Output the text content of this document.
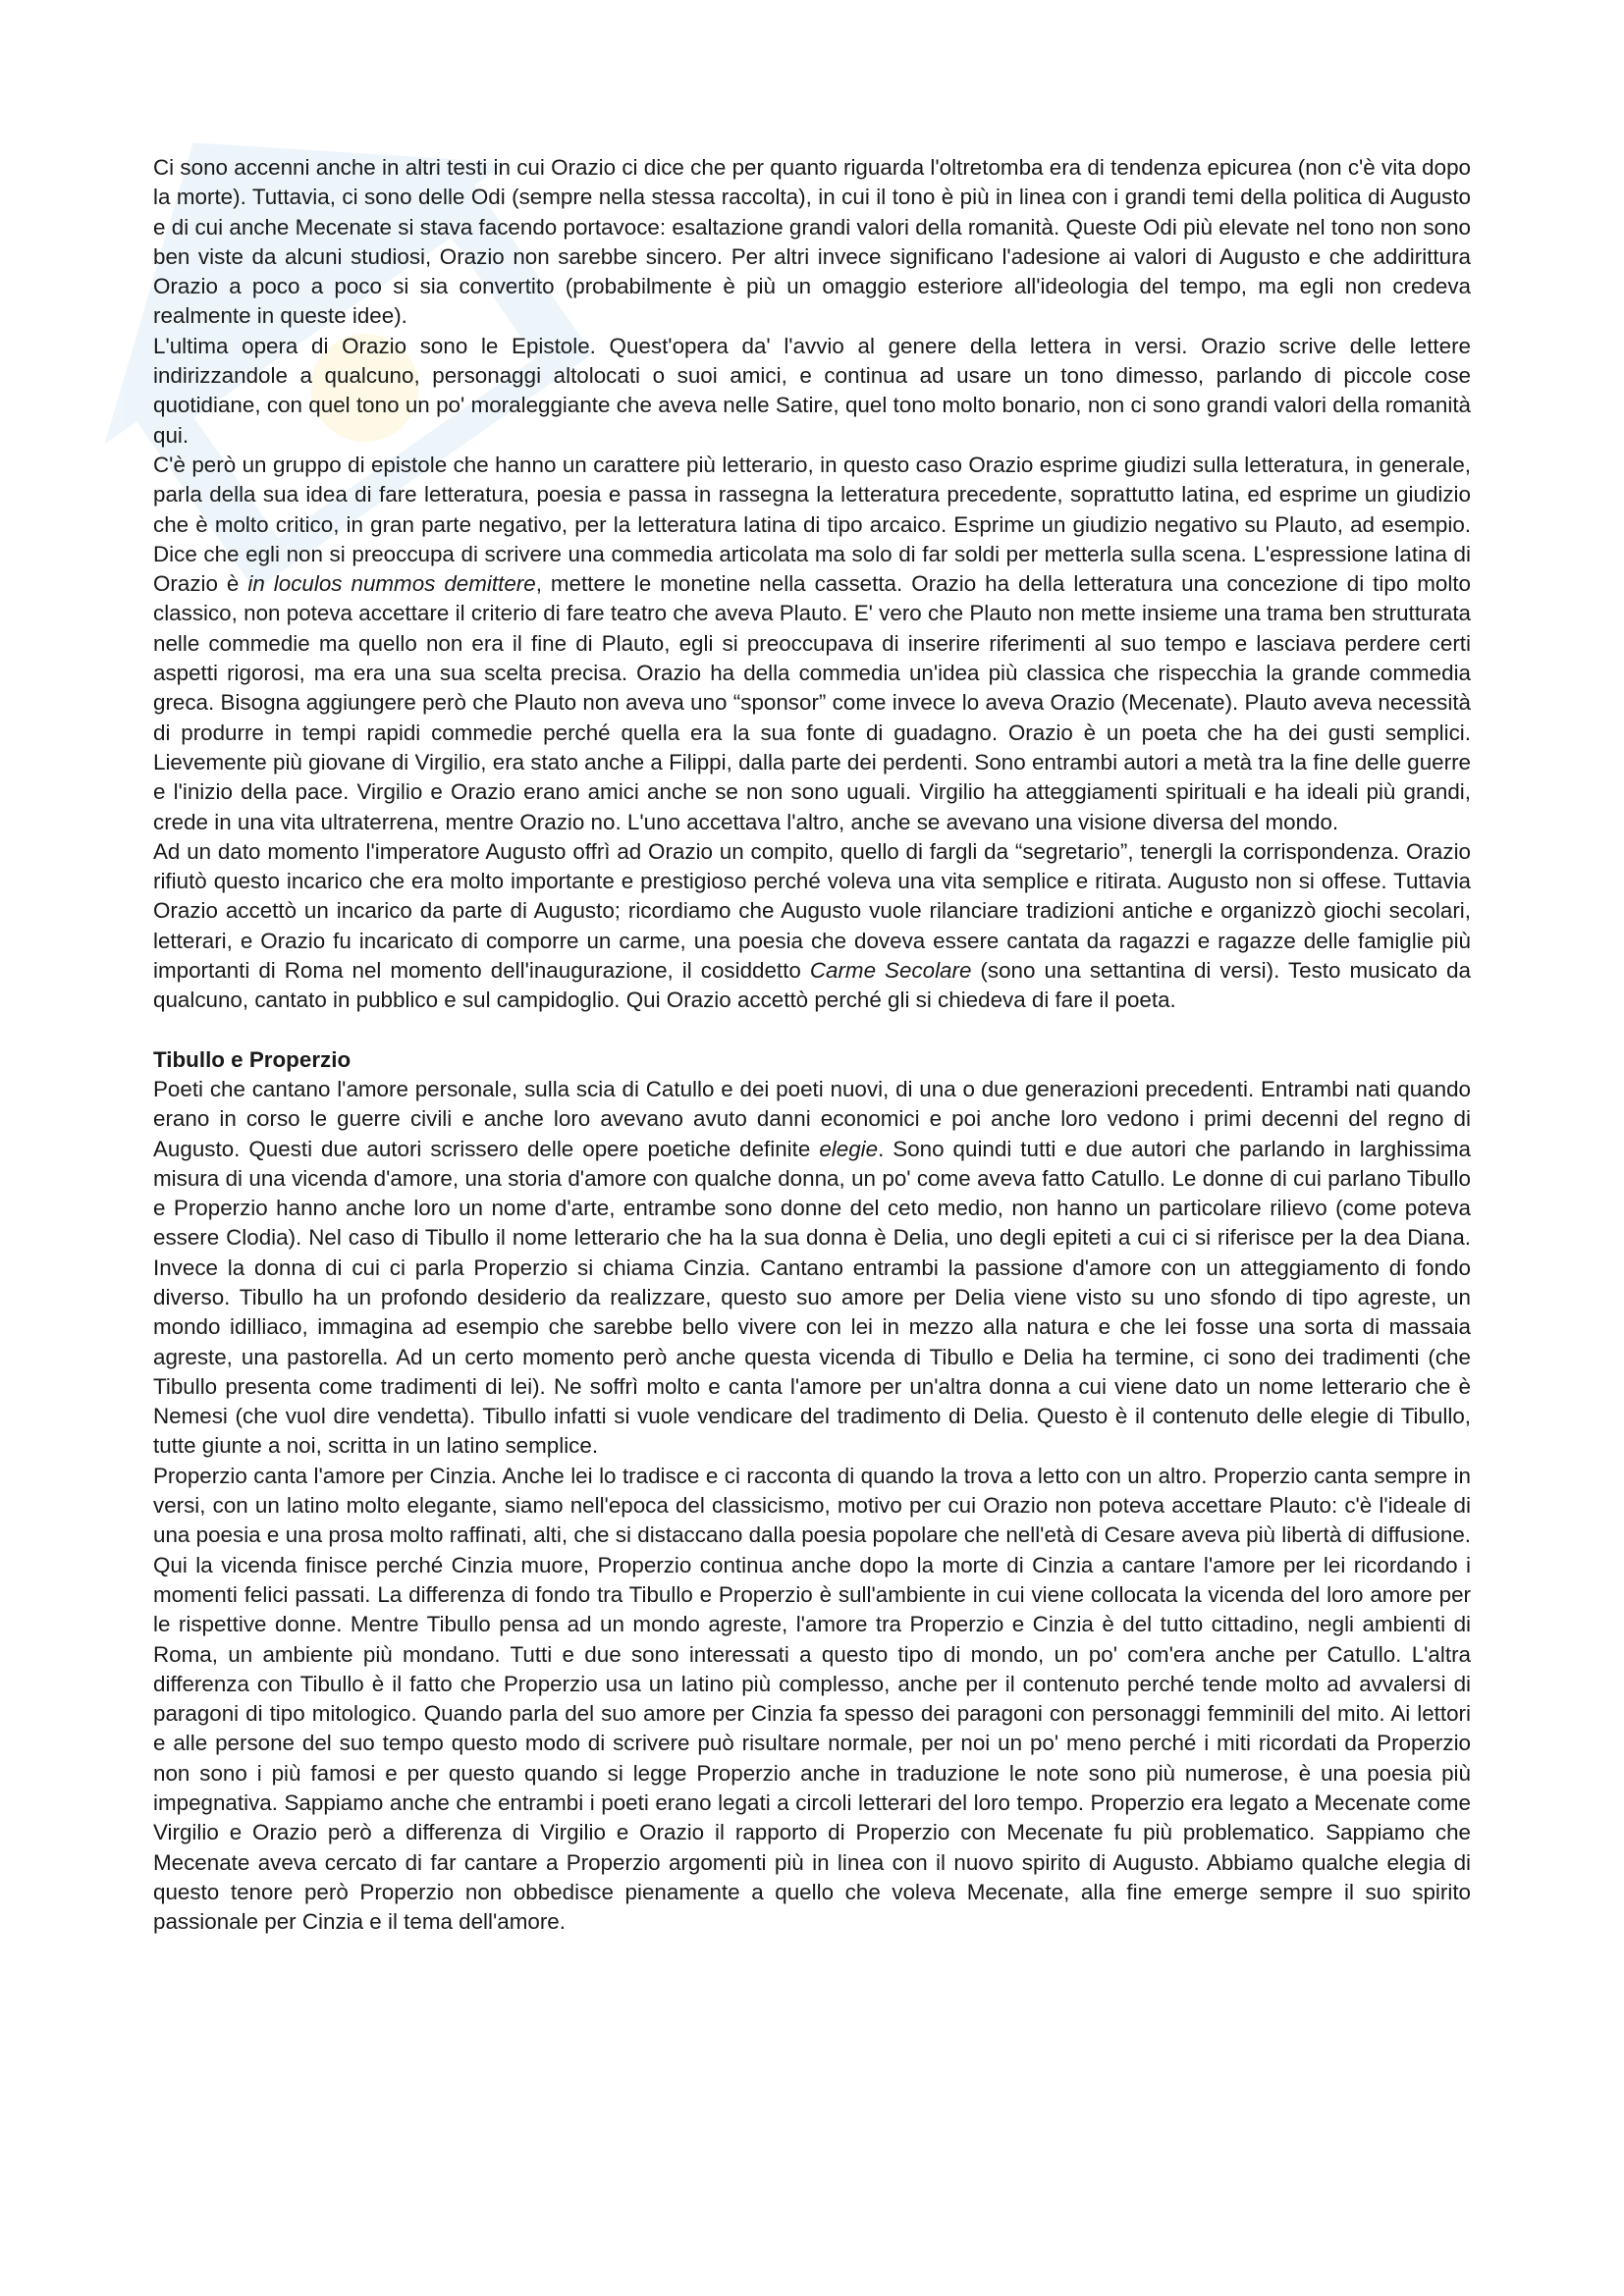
Ci sono accenni anche in altri testi in cui Orazio ci dice che per quanto riguarda l'oltretomba era di tendenza epicurea (non c'è vita dopo la morte). Tuttavia, ci sono delle Odi (sempre nella stessa raccolta), in cui il tono è più in linea con i grandi temi della politica di Augusto e di cui anche Mecenate si stava facendo portavoce: esaltazione grandi valori della romanità. Queste Odi più elevate nel tono non sono ben viste da alcuni studiosi, Orazio non sarebbe sincero. Per altri invece significano l'adesione ai valori di Augusto e che addirittura Orazio a poco a poco si sia convertito (probabilmente è più un omaggio esteriore all'ideologia del tempo, ma egli non credeva realmente in queste idee).

L'ultima opera di Orazio sono le Epistole. Quest'opera da' l'avvio al genere della lettera in versi. Orazio scrive delle lettere indirizzandole a qualcuno, personaggi altolocati o suoi amici, e continua ad usare un tono dimesso, parlando di piccole cose quotidiane, con quel tono un po' moraleggiante che aveva nelle Satire, quel tono molto bonario, non ci sono grandi valori della romanità qui.

C'è però un gruppo di epistole che hanno un carattere più letterario, in questo caso Orazio esprime giudizi sulla letteratura, in generale, parla della sua idea di fare letteratura, poesia e passa in rassegna la letteratura precedente, soprattutto latina, ed esprime un giudizio che è molto critico, in gran parte negativo, per la letteratura latina di tipo arcaico. Esprime un giudizio negativo su Plauto, ad esempio. Dice che egli non si preoccupa di scrivere una commedia articolata ma solo di far soldi per metterla sulla scena. L'espressione latina di Orazio è in loculos nummos demittere, mettere le monetine nella cassetta. Orazio ha della letteratura una concezione di tipo molto classico, non poteva accettare il criterio di fare teatro che aveva Plauto. E' vero che Plauto non mette insieme una trama ben strutturata nelle commedie ma quello non era il fine di Plauto, egli si preoccupava di inserire riferimenti al suo tempo e lasciava perdere certi aspetti rigorosi, ma era una sua scelta precisa. Orazio ha della commedia un'idea più classica che rispecchia la grande commedia greca. Bisogna aggiungere però che Plauto non aveva uno “sponsor” come invece lo aveva Orazio (Mecenate). Plauto aveva necessità di produrre in tempi rapidi commedie perché quella era la sua fonte di guadagno. Orazio è un poeta che ha dei gusti semplici. Lievemente più giovane di Virgilio, era stato anche a Filippi, dalla parte dei perdenti. Sono entrambi autori a metà tra la fine delle guerre e l'inizio della pace. Virgilio e Orazio erano amici anche se non sono uguali. Virgilio ha atteggiamenti spirituali e ha ideali più grandi, crede in una vita ultraterrena, mentre Orazio no. L'uno accettava l'altro, anche se avevano una visione diversa del mondo.

Ad un dato momento l'imperatore Augusto offrì ad Orazio un compito, quello di fargli da “segretario”, tenergli la corrispondenza. Orazio rifiutò questo incarico che era molto importante e prestigioso perché voleva una vita semplice e ritirata. Augusto non si offese. Tuttavia Orazio accettò un incarico da parte di Augusto; ricordiamo che Augusto vuole rilanciare tradizioni antiche e organizzò giochi secolari, letterari, e Orazio fu incaricato di comporre un carme, una poesia che doveva essere cantata da ragazzi e ragazze delle famiglie più importanti di Roma nel momento dell'inaugurazione, il cosiddetto Carme Secolare (sono una settantina di versi). Testo musicato da qualcuno, cantato in pubblico e sul campidoglio. Qui Orazio accettò perché gli si chiedeva di fare il poeta.

Tibullo e Properzio

Poeti che cantano l'amore personale, sulla scia di Catullo e dei poeti nuovi, di una o due generazioni precedenti. Entrambi nati quando erano in corso le guerre civili e anche loro avevano avuto danni economici e poi anche loro vedono i primi decenni del regno di Augusto. Questi due autori scrissero delle opere poetiche definite elegie. Sono quindi tutti e due autori che parlando in larghissima misura di una vicenda d'amore, una storia d'amore con qualche donna, un po' come aveva fatto Catullo. Le donne di cui parlano Tibullo e Properzio hanno anche loro un nome d'arte, entrambe sono donne del ceto medio, non hanno un particolare rilievo (come poteva essere Clodia). Nel caso di Tibullo il nome letterario che ha la sua donna è Delia, uno degli epiteti a cui ci si riferisce per la dea Diana. Invece la donna di cui ci parla Properzio si chiama Cinzia. Cantano entrambi la passione d'amore con un atteggiamento di fondo diverso. Tibullo ha un profondo desiderio da realizzare, questo suo amore per Delia viene visto su uno sfondo di tipo agreste, un mondo idilliaco, immagina ad esempio che sarebbe bello vivere con lei in mezzo alla natura e che lei fosse una sorta di massaia agreste, una pastorella. Ad un certo momento però anche questa vicenda di Tibullo e Delia ha termine, ci sono dei tradimenti (che Tibullo presenta come tradimenti di lei). Ne soffrì molto e canta l'amore per un'altra donna a cui viene dato un nome letterario che è Nemesi (che vuol dire vendetta). Tibullo infatti si vuole vendicare del tradimento di Delia. Questo è il contenuto delle elegie di Tibullo, tutte giunte a noi, scritta in un latino semplice.

Properzio canta l'amore per Cinzia. Anche lei lo tradisce e ci racconta di quando la trova a letto con un altro. Properzio canta sempre in versi, con un latino molto elegante, siamo nell'epoca del classicismo, motivo per cui Orazio non poteva accettare Plauto: c'è l'ideale di una poesia e una prosa molto raffinati, alti, che si distaccano dalla poesia popolare che nell'età di Cesare aveva più libertà di diffusione. Qui la vicenda finisce perché Cinzia muore, Properzio continua anche dopo la morte di Cinzia a cantare l'amore per lei ricordando i momenti felici passati. La differenza di fondo tra Tibullo e Properzio è sull'ambiente in cui viene collocata la vicenda del loro amore per le rispettive donne. Mentre Tibullo pensa ad un mondo agreste, l'amore tra Properzio e Cinzia è del tutto cittadino, negli ambienti di Roma, un ambiente più mondano. Tutti e due sono interessati a questo tipo di mondo, un po' com'era anche per Catullo. L'altra differenza con Tibullo è il fatto che Properzio usa un latino più complesso, anche per il contenuto perché tende molto ad avvalersi di paragoni di tipo mitologico. Quando parla del suo amore per Cinzia fa spesso dei paragoni con personaggi femminili del mito. Ai lettori e alle persone del suo tempo questo modo di scrivere può risultare normale, per noi un po' meno perché i miti ricordati da Properzio non sono i più famosi e per questo quando si legge Properzio anche in traduzione le note sono più numerose, è una poesia più impegnativa. Sappiamo anche che entrambi i poeti erano legati a circoli letterari del loro tempo. Properzio era legato a Mecenate come Virgilio e Orazio però a differenza di Virgilio e Orazio il rapporto di Properzio con Mecenate fu più problematico. Sappiamo che Mecenate aveva cercato di far cantare a Properzio argomenti più in linea con il nuovo spirito di Augusto. Abbiamo qualche elegia di questo tenore però Properzio non obbedisce pienamente a quello che voleva Mecenate, alla fine emerge sempre il suo spirito passionale per Cinzia e il tema dell'amore.
